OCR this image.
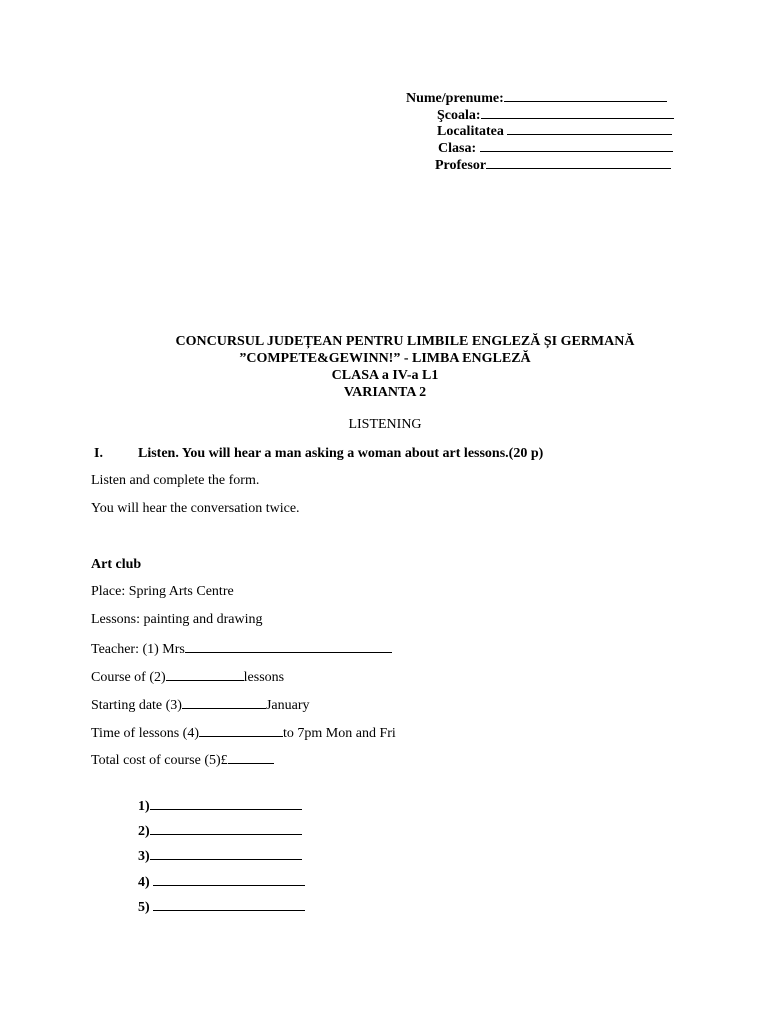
Nume/prenume:
Şcoala:
Localitatea
Clasa:
Profesor
CONCURSUL JUDEȚEAN PENTRU LIMBILE ENGLEZĂ ȘI GERMANĂ
”COMPETE&GEWINN!” - LIMBA ENGLEZĂ
CLASA a IV-a L1
VARIANTA 2
LISTENING
I.	Listen. You will hear a man asking a woman about art lessons.(20 p)
Listen and complete the form.
You will hear the conversation twice.
Art club
Place: Spring Arts Centre
Lessons: painting and drawing
Teacher: (1) Mrs
Course of (2)	lessons
Starting date (3)	January
Time of lessons (4)	to 7pm Mon and Fri
Total cost of course (5)£
1)
2)
3)
4)
5)
